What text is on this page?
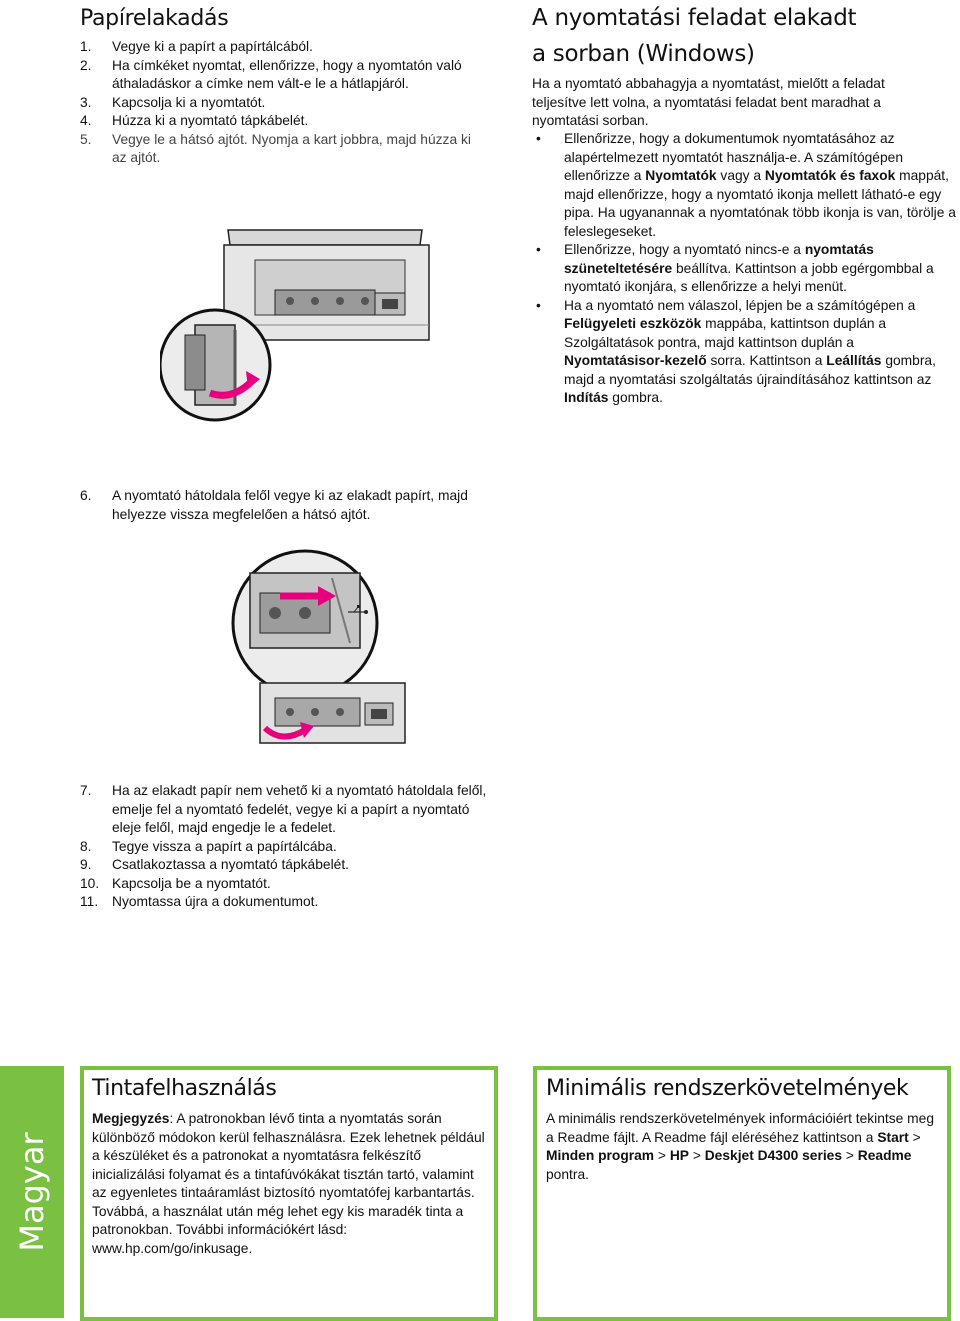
Papírelakadás
1. Vegye ki a papírt a papírtálcából.
2. Ha címkéket nyomtat, ellenőrizze, hogy a nyomtatón való áthaladáskor a címke nem vált-e le a hátlapjáról.
3. Kapcsolja ki a nyomtatót.
4. Húzza ki a nyomtató tápkábelét.
5. Vegye le a hátsó ajtót. Nyomja a kart jobbra, majd húzza ki az ajtót.
6. A nyomtató hátoldala felől vegye ki az elakadt papírt, majd helyezze vissza megfelelően a hátsó ajtót.
7. Ha az elakadt papír nem vehető ki a nyomtató hátoldala felől, emelje fel a nyomtató fedelét, vegye ki a papírt a nyomtató eleje felől, majd engedje le a fedelet.
8. Tegye vissza a papírt a papírtálcába.
9. Csatlakoztassa a nyomtató tápkábelét.
10. Kapcsolja be a nyomtatót.
11. Nyomtassa újra a dokumentumot.
A nyomtatási feladat elakadt
a sorban (Windows)

Ha a nyomtató abbahagyja a nyomtatást, mielőtt a feladat teljesítve lett volna, a nyomtatási feladat bent maradhat a nyomtatási sorban.

• Ellenőrizze, hogy a dokumentumok nyomtatásához az alapértelmezett nyomtatót használja-e. A számítógépen ellenőrizze a Nyomtatók vagy a Nyomtatók és faxok mappát, majd ellenőrizze, hogy a nyomtató ikonja mellett látható-e egy pipa. Ha ugyanannak a nyomtatónak több ikonja is van, törölje a feleslegeseket.
• Ellenőrizze, hogy a nyomtató nincs-e a nyomtatás szüneteltetésére beállítva. Kattintson a jobb egérgombbal a nyomtató ikonjára, s ellenőrizze a helyi menüt.
• Ha a nyomtató nem válaszol, lépjen be a számítógépen a Felügyeleti eszközök mappába, kattintson duplán a Szolgáltatások pontra, majd kattintson duplán a Nyomtatásisor-kezelő sorra. Kattintson a Leállítás gombra, majd a nyomtatási szolgáltatás újraindításához kattintson az Indítás gombra.
Magyar
Tintafelhasználás

Megjegyzés: A patronokban lévő tinta a nyomtatás során különböző módokon kerül felhasználásra. Ezek lehetnek például a készüléket és a patronokat a nyomtatásra felkészítő inicializálási folyamat és a tintafúvókákat tisztán tartó, valamint az egyenletes tintaáramlást biztosító nyomtatófej karbantartás. Továbbá, a használat után még lehet egy kis maradék tinta a patronokban. További információkért lásd: www.hp.com/go/inkusage.

Minimális rendszerkövetelmények

A minimális rendszerkövetelmények információiért tekintse meg a Readme fájlt. A Readme fájl eléréséhez kattintson a Start > Minden program > HP > Deskjet D4300 series > Readme pontra.
